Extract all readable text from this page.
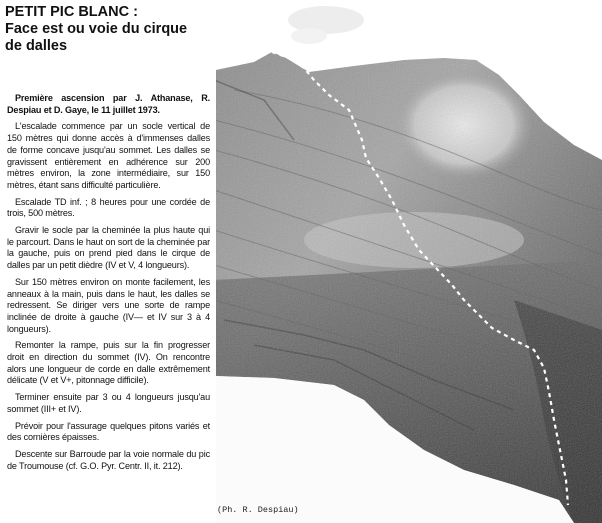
PETIT PIC BLANC :
Face est ou voie du cirque
de dalles

Première ascension par J. Athanase, R. Despiau et D. Gaye, le 11 juillet 1973.

L'escalade commence par un socle vertical de 150 mètres qui donne accès à d'immenses dalles de forme concave jusqu'au sommet. Les dalles se gravissent entièrement en adhérence sur 200 mètres environ, la zone intermédiaire, sur 150 mètres, étant sans difficulté particulière.

Escalade TD inf. ; 8 heures pour une cordée de trois, 500 mètres.

Gravir le socle par la cheminée la plus haute qui le parcourt. Dans le haut on sort de la cheminée par la gauche, puis on prend pied dans le cirque de dalles par un petit dièdre (IV et V, 4 longueurs).

Sur 150 mètres environ on monte facilement, les anneaux à la main, puis dans le haut, les dalles se redressent. Se diriger vers une sorte de rampe inclinée de droite à gauche (IV— et IV sur 3 à 4 longueurs).

Remonter la rampe, puis sur la fin progresser droit en direction du sommet (IV). On rencontre alors une longueur de corde en dalle extrêmement délicate (V et V+, pitonnage difficile).

Terminer ensuite par 3 ou 4 longueurs jusqu'au sommet (III+ et IV).

Prévoir pour l'assurage quelques pitons variés et des cornières épaisses.

Descente sur Barroude par la voie normale du pic de Troumouse (cf. G.O. Pyr. Centr. II, it. 212).

(Ph. R. Despiau)
